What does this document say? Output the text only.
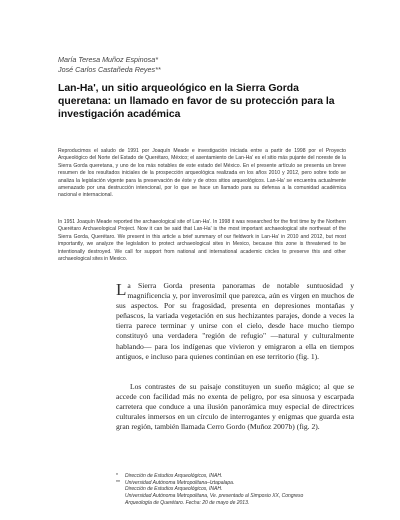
María Teresa Muñoz Espinosa*
José Carlos Castañeda Reyes**
Lan-Ha', un sitio arqueológico en la Sierra Gorda queretana: un llamado en favor de su protección para la investigación académica

Reproducimos el saludo de 1991 por Joaquín Meade e investigación iniciada entre a partir de 1998 por el Proyecto Arqueológico del Norte del Estado de Querétaro, México; el asentamiento de Lan-Ha' es el sitio más pujante del noreste de la Sierra Gorda queretana, y uno de los más notables de este estado del México. En el presente artículo se presenta un breve resumen de los resultados iniciales de la prospección arqueológica realizada en los años 2010 y 2012, pero sobre todo se analiza la legislación vigente para la preservación de éste y de otros sitios arqueológicos. Lan-Ha' se encuentra actualmente amenazado por una destrucción intencional, por lo que se hace un llamado para su defensa a la comunidad académica nacional e internacional.

In 1951 Joaquín Meade reported the archaeological site of Lan-Ha'. In 1998 it was researched for the first time by the Northern Querétaro Archaeological Project. Now it can be said that Lan-Ha' is the most important archaeological site northeast of the Sierra Gorda, Querétaro. We present in this article a brief summary of our fieldwork in Lan-Ha' in 2010 and 2012, but most importantly, we analyze the legislation to protect archaeological sites in Mexico, because this zone is threatened to be intentionally destroyed. We call for support from national and international academic circles to preserve this and other archaeological sites in Mexico.

La Sierra Gorda presenta panoramas de notable suntuosidad y magnificencia y, por inverosímil que parezca, aún es virgen en muchos de sus aspectos. Por su fragosidad, presenta en depresiones montañas y peñascos, la variada vegetación en sus hechizantes parajes, donde a veces la tierra parece terminar y unirse con el cielo, desde hace mucho tiempo constituyó una verdadera "región de refugio" —natural y culturalmente hablando— para los indígenas que vivieron y emigraron a ella en tiempos antiguos, e incluso para quienes continúan en ese territorio (fig. 1).

Los contrastes de su paisaje constituyen un sueño mágico; al que se accede con facilidad más no exenta de peligro, por esa sinuosa y escarpada carretera que conduce a una ilusión panorámica muy especial de directrices culturales inmersos en un círculo de interrogantes y enigmas que guarda esta gran región, también llamada Cerro Gordo (Muñoz 2007b) (fig. 2).

*	Dirección de Estudios Arqueológicos, INAH.
**	Universidad Autónoma Metropolitana–Iztapalapa.
Dirección de Estudios Arqueológicos, INAH.
Universidad Autónoma Metropolitana, Ve. presentado al Simposio XX, Congreso
Arqueología de Querétaro. Fecha: 20 de mayo de 2013.
